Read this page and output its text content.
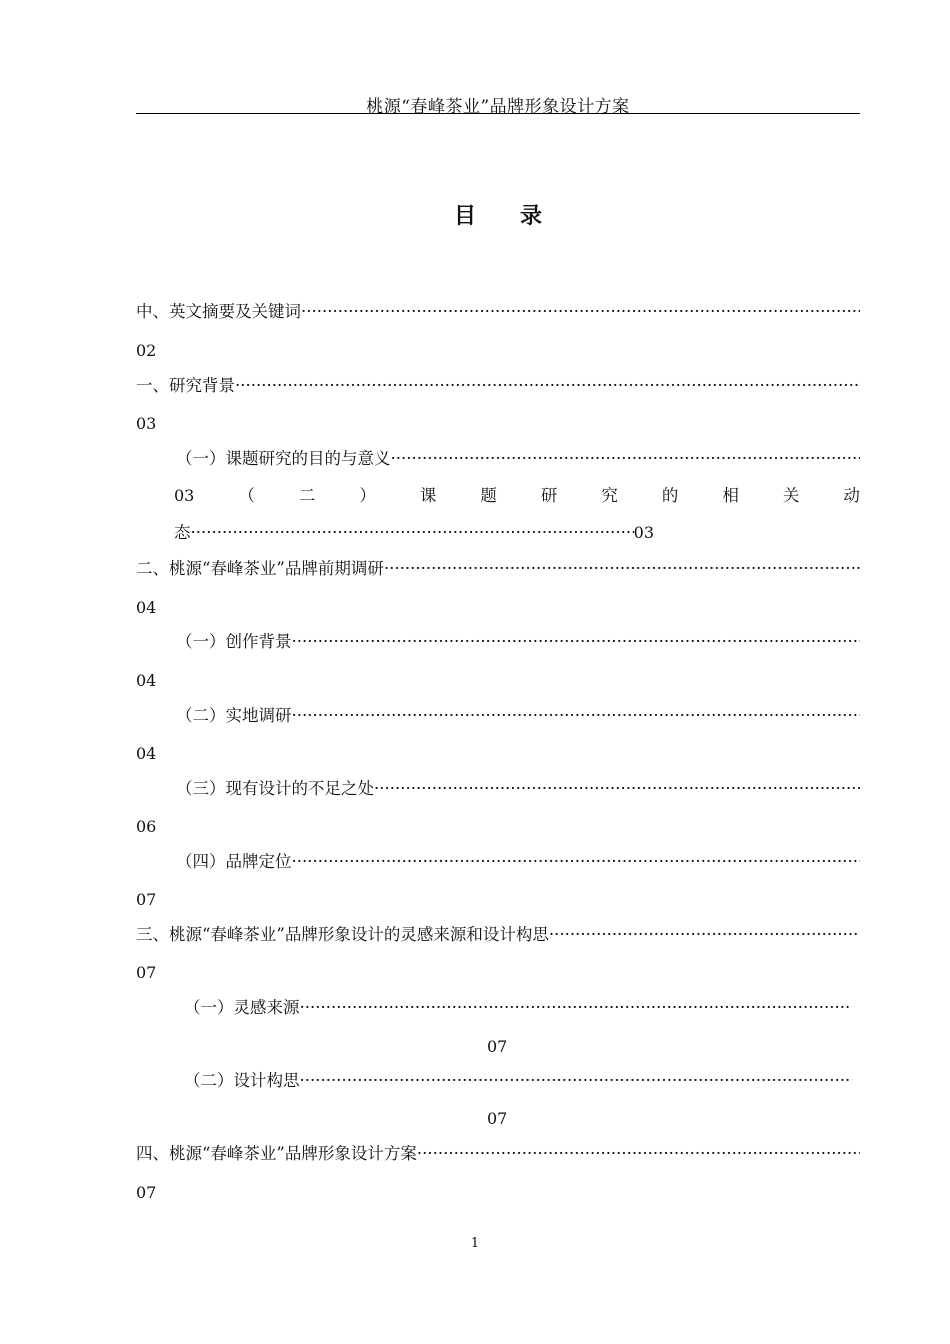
桃源“春峰茶业”品牌形象设计方案
目录
中、英文摘要及关键词
·····
02
一、研究背景
·····
03
（一）课题研究的目的与意义
·····
03	（	二	）	课	题	研	究	的	相	关	动
态
·····	03
二、桃源“春峰茶业”品牌前期调研
·····
04
（一）创作背景
·····
04
（二）实地调研
·····
04
（三）现有设计的不足之处
·····
06
（四）品牌定位
·····
07
三、桃源“春峰茶业”品牌形象设计的灵感来源和设计构思
·····
07
（一）灵感来源
·····
07
（二）设计构思
·····
07
四、桃源“春峰茶业”品牌形象设计方案
·····
07
1
